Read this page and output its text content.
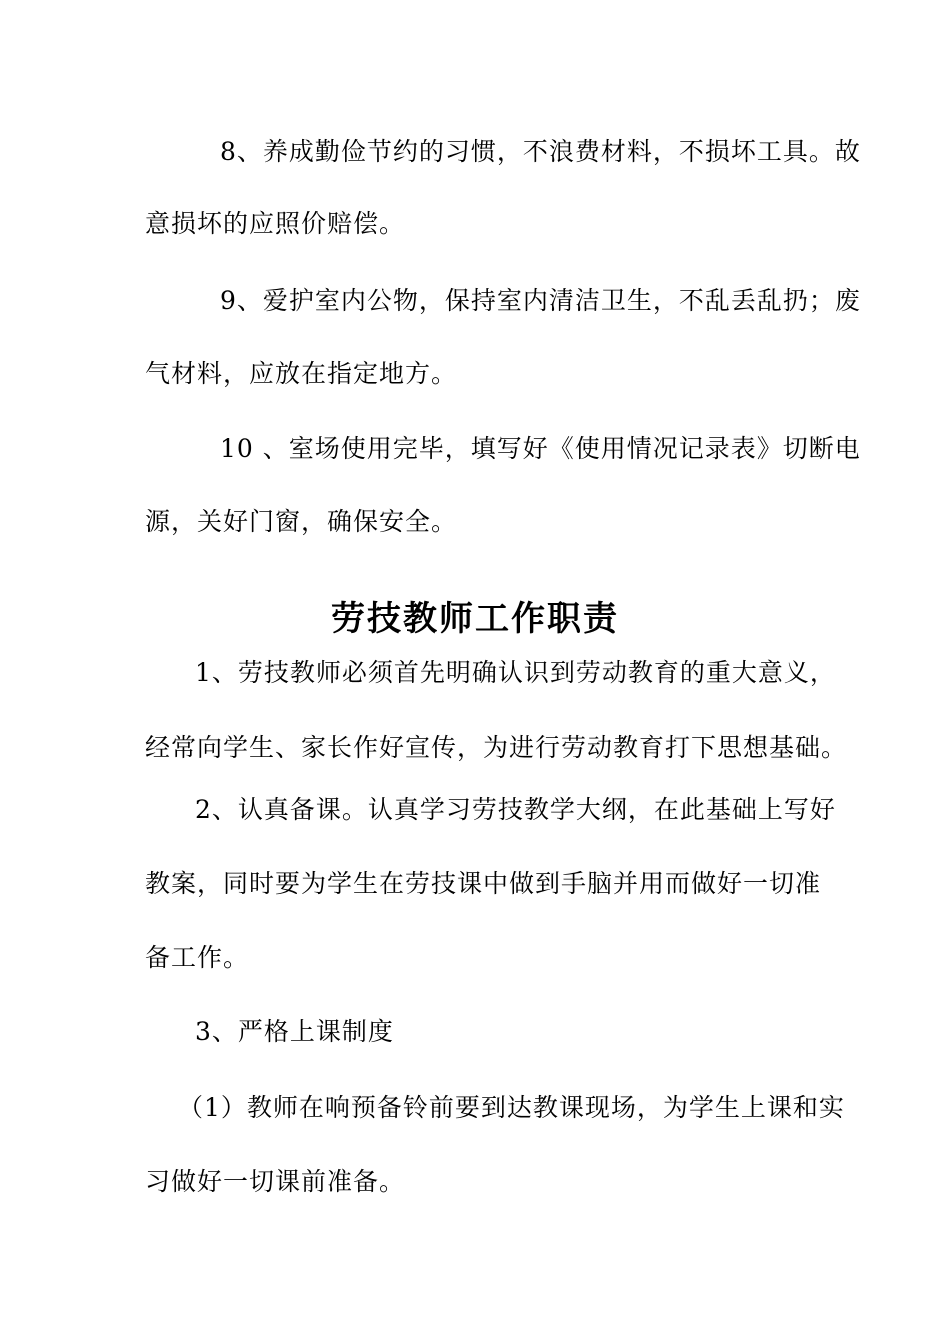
8、养成勤俭节约的习惯，不浪费材料，不损坏工具。故

意损坏的应照价赔偿。

9、爱护室内公物，保持室内清洁卫生，不乱丢乱扔；废

气材料，应放在指定地方。

10 、室场使用完毕，填写好《使用情况记录表》切断电

源，关好门窗，确保安全。

劳技教师工作职责

1、劳技教师必须首先明确认识到劳动教育的重大意义，

经常向学生、家长作好宣传，为进行劳动教育打下思想基础。

2、认真备课。认真学习劳技教学大纲，在此基础上写好

教案，同时要为学生在劳技课中做到手脑并用而做好一切准

备工作。

3、严格上课制度

（1）教师在响预备铃前要到达教课现场，为学生上课和实

习做好一切课前准备。
